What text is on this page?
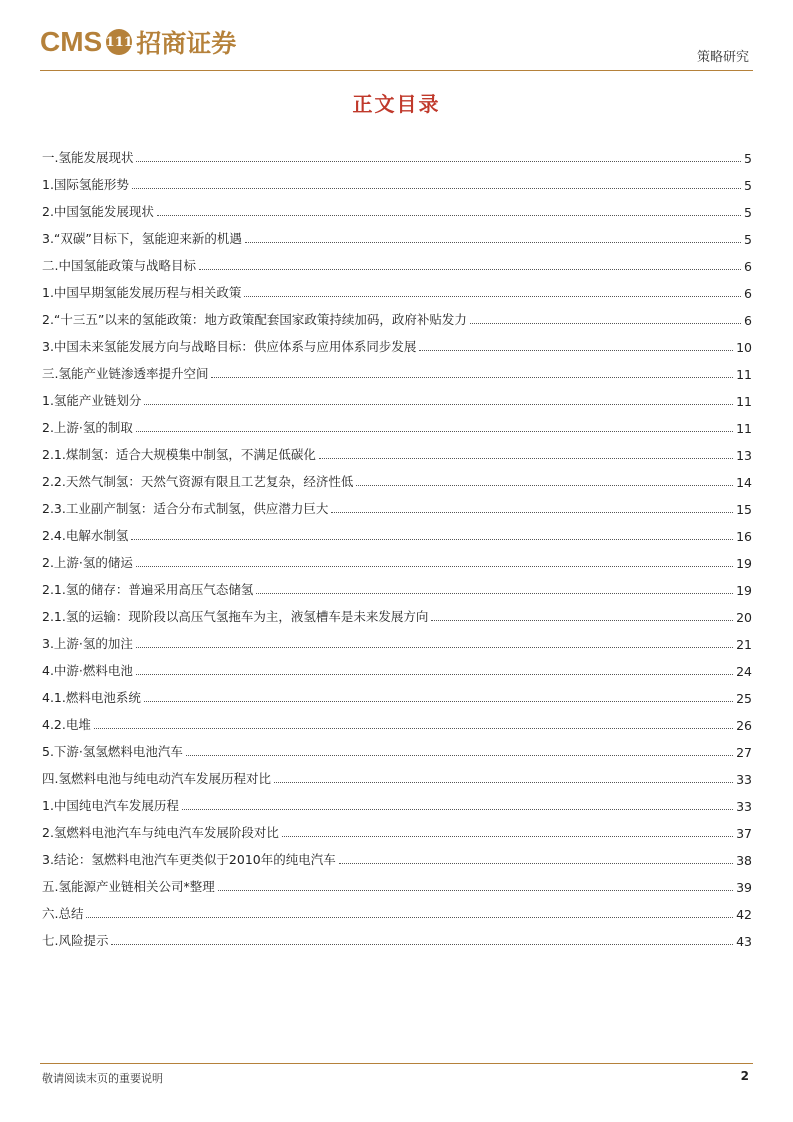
CMS 111 招商证券	策略研究
正文目录
一.氢能发展现状	5
1.国际氢能形势	5
2.中国氢能发展现状	5
3.“双碳”目标下，氢能迎来新的机遇	5
二.中国氢能政策与战略目标	6
1.中国早期氢能发展历程与相关政策	6
2.“十三五”以来的氢能政策：地方政策配套国家政策持续加码，政府补贴发力	6
3.中国未来氢能发展方向与战略目标：供应体系与应用体系同步发展	10
三.氢能产业链渗透率提升空间	11
1.氢能产业链划分	11
2.上游·氢的制取	11
2.1.煤制氢：适合大规模集中制氢，不满足低碳化	13
2.2.天然气制氢：天然气资源有限且工艺复杂，经济性低	14
2.3.工业副产制氢：适合分布式制氢，供应潜力巨大	15
2.4.电解水制氢	16
2.上游·氢的储运	19
2.1.氢的储存：普遍采用高压气态储氢	19
2.1.氢的运输：现阶段以高压气氢拖车为主，液氢槽车是未来发展方向	20
3.上游·氢的加注	21
4.中游·燃料电池	24
4.1.燃料电池系统	25
4.2.电堆	26
5.下游·氢氢燃料电池汽车	27
四.氢燃料电池与纯电动汽车发展历程对比	33
1.中国纯电汽车发展历程	33
2.氢燃料电池汽车与纯电汽车发展阶段对比	37
3.结论：氢燃料电池汽车更类似于2010年的纯电汽车	38
五.氢能源产业链相关公司*整理	39
六.总结	42
七.风险提示	43
敬请阅读末页的重要说明	2
